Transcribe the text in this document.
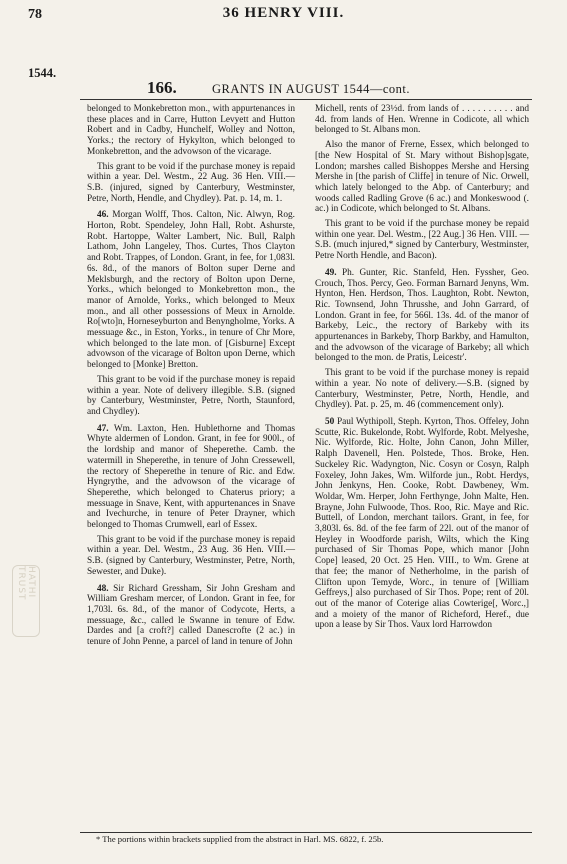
78	36 HENRY VIII.
1544.
166.	GRANTS IN AUGUST 1544—cont.
HATHI TRUST

belonged to Monkebretton mon., with appurtenances in these places and in Carre, Hutton Levyett and Hutton Robert and in Cadby, Hunchelf, Wolley and Notton, Yorks.; the rectory of Hykylton, which belonged to Monkebretton, and the advowson of the vicarage.

This grant to be void if the purchase money is repaid within a year. Del. Westm., 22 Aug. 36 Hen. VIII.—S.B. (injured, signed by Canterbury, Westminster, Petre, North, Hendle, and Chydley). Pat. p. 14, m. 1.

46. Morgan Wolff, Thos. Calton, Nic. Alwyn, Rog. Horton, Robt. Spendeley, John Hall, Robt. Ashurste, Robt. Hartoppe, Walter Lambert, Nic. Bull, Ralph Lathom, John Langeley, Thos. Curtes, Thos Clayton and Robt. Trappes, of London. Grant, in fee, for 1,083l. 6s. 8d., of the manors of Bolton super Derne and Meklsburgh, and the rectory of Bolton upon Derne, Yorks., which belonged to Monkebretton mon., the manor of Arnolde, Yorks., which belonged to Meux mon., and all other possessions of Meux in Arnolde. Ro[wto]n, Horneseyburton and Benyngholme, Yorks. A messuage &c., in Eston, Yorks., in tenure of Chr More, which belonged to the late mon. of [Gisburne] Except advowson of the vicarage of Bolton upon Derne, which belonged to [Monke] Bretton.

This grant to be void if the purchase money is repaid within a year. Note of delivery illegible. S.B. (signed by Canterbury, Westminster, Petre, North, Staunford, and Chydley).

47. Wm. Laxton, Hen. Hublethorne and Thomas Whyte aldermen of London. Grant, in fee for 900l., of the lordship and manor of Sheperethe. Camb. the watermill in Sheperethe, in tenure of John Cressewell, the rectory of Sheperethe in tenure of Ric. and Edw. Hyngrythe, and the advowson of the vicarage of Sheperethe, which belonged to Chaterus priory; a messuage in Snave, Kent, with appurtenances in Snave and Ivechurche, in tenure of Peter Drayner, which belonged to Thomas Crumwell, earl of Essex.

This grant to be void if the purchase money is repaid within a year. Del. Westm., 23 Aug. 36 Hen. VIII.—S.B. (signed by Canterbury, Westminster, Petre, North, Sewester, and Duke).

48. Sir Richard Gressham, Sir John Gresham and William Gresham mercer, of London. Grant in fee, for 1,703l. 6s. 8d., of the manor of Codycote, Herts, a messuage, &c., called le Swanne in tenure of Edw. Dardes and [a croft?] called Danescrofte (2 ac.) in tenure of John Penne, a parcel of land in tenure of John

Michell, rents of 23½d. from lands of . . . . . . . . . . and 4d. from lands of Hen. Wrenne in Codicote, all which belonged to St. Albans mon.

Also the manor of Frerne, Essex, which belonged to [the New Hospital of St. Mary without Bishop]sgate, London; marshes called Bishoppes Mershe and Hersing Mershe in [the parish of Cliffe] in tenure of Nic. Orwell, which lately belonged to the Abp. of Canterbury; and woods called Radling Grove (6 ac.) and Monkeswood (. ac.) in Codicote, which belonged to St. Albans.

This grant to be void if the purchase money be repaid within one year. Del. Westm., [22 Aug.] 36 Hen. VIII. —S.B. (much injured,* signed by Canterbury, Westminster, Petre North Hendle, and Bacon).

49. Ph. Gunter, Ric. Stanfeld, Hen. Fyssher, Geo. Crouch, Thos. Percy, Geo. Forman Barnard Jenyns, Wm. Hynton, Hen. Herdson, Thos. Laughton, Robt. Newton, Ric. Townsend, John Thrusshe, and John Garrard, of London. Grant in fee, for 566l. 13s. 4d. of the manor of Barkeby, Leic., the rectory of Barkeby with its appurtenances in Barkeby, Thorp Barkby, and Hamulton, and the advowson of the vicarage of Barkeby; all which belonged to the mon. de Pratis, Leicestr'.

This grant to be void if the purchase money is repaid within a year. No note of delivery.—S.B. (signed by Canterbury, Westminster, Petre, North, Hendle, and Chydley). Pat. p. 25, m. 46 (commencement only).

50 Paul Wythipoll, Steph. Kyrton, Thos. Offeley, John Scutte, Ric. Bukelonde, Robt. Wylforde, Robt. Melyeshe, Nic. Wylforde, Ric. Holte, John Canon, John Miller, Ralph Davenell, Hen. Polstede, Thos. Broke, Hen. Suckeley Ric. Wadyngton, Nic. Cosyn or Cosyn, Ralph Foxeley, John Jakes, Wm. Wilforde jun., Robt. Herdys, John Jenkyns, Hen. Cooke, Robt. Dawbeney, Wm. Woldar, Wm. Herper, John Ferthynge, John Malte, Hen. Brayne, John Fulwoode, Thos. Roo, Ric. Maye and Ric. Buttell, of London, merchant tailors. Grant, in fee, for 3,803l. 6s. 8d. of the fee farm of 22l. out of the manor of Heyley in Woodforde parish, Wilts, which the King purchased of Sir Thomas Pope, which manor [John Cope] leased, 20 Oct. 25 Hen. VIII., to Wm. Grene at that fee; the manor of Netherholme, in the parish of Clifton upon Temyde, Worc., in tenure of [William Geffreys,] also purchased of Sir Thos. Pope; rent of 20l. out of the manor of Coterige alias Cowterige[, Worc.,] and a moiety of the manor of Richeford, Heref., due upon a lease by Sir Thos. Vaux lord Harrowdon

* The portions within brackets supplied from the abstract in Harl. MS. 6822, f. 25b.
